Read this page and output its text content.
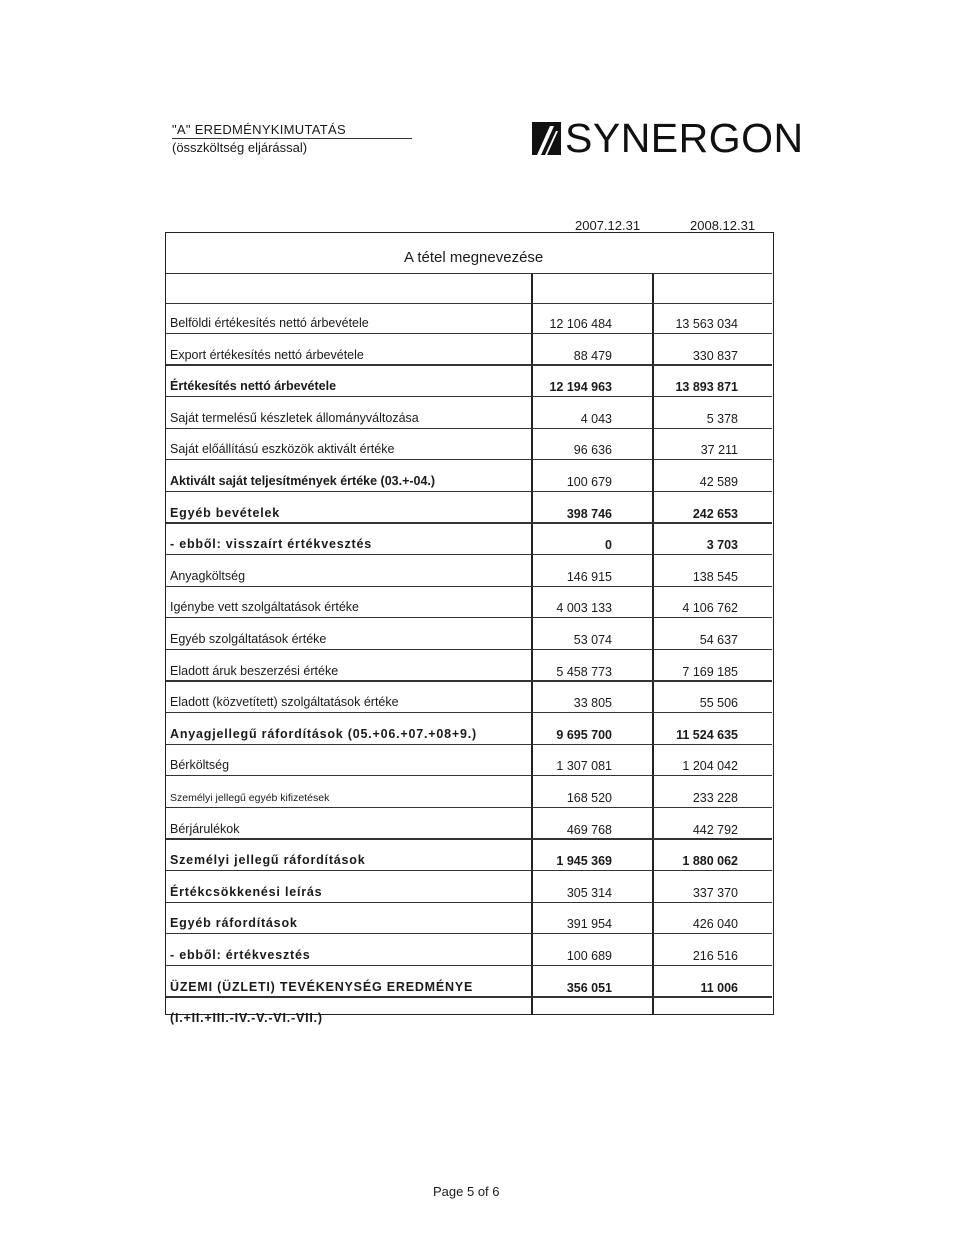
"A" EREDMÉNYKIMUTATÁS
(összköltség eljárással)	SYNERGON
2007.12.31	2008.12.31
A tétel megnevezése
Belföldi értékesítés nettó árbevétele	12 106 484	13 563 034
Export értékesítés nettó árbevétele	88 479	330 837
Értékesítés nettó árbevétele	12 194 963	13 893 871
Saját termelésű készletek állományváltozása	4 043	5 378
Saját előállítású eszközök aktivált értéke	96 636	37 211
Aktivált saját teljesítmények értéke (03.+-04.)	100 679	42 589
Egyéb bevételek	398 746	242 653
- ebből: visszaírt értékvesztés	0	3 703
Anyagköltség	146 915	138 545
Igénybe vett szolgáltatások értéke	4 003 133	4 106 762
Egyéb szolgáltatások értéke	53 074	54 637
Eladott áruk beszerzési értéke	5 458 773	7 169 185
Eladott (közvetített) szolgáltatások értéke	33 805	55 506
Anyagjellegű ráfordítások (05.+06.+07.+08+9.)	9 695 700	11 524 635
Bérköltség	1 307 081	1 204 042
Személyi jellegű egyéb kifizetések	168 520	233 228
Bérjárulékok	469 768	442 792
Személyi jellegű ráfordítások	1 945 369	1 880 062
Értékcsökkenési leírás	305 314	337 370
Egyéb ráfordítások	391 954	426 040
- ebből: értékvesztés	100 689	216 516
ÜZEMI (ÜZLETI) TEVÉKENYSÉG EREDMÉNYE	356 051	11 006
(I.+II.+III.-IV.-V.-VI.-VII.)
Page 5 of 6
